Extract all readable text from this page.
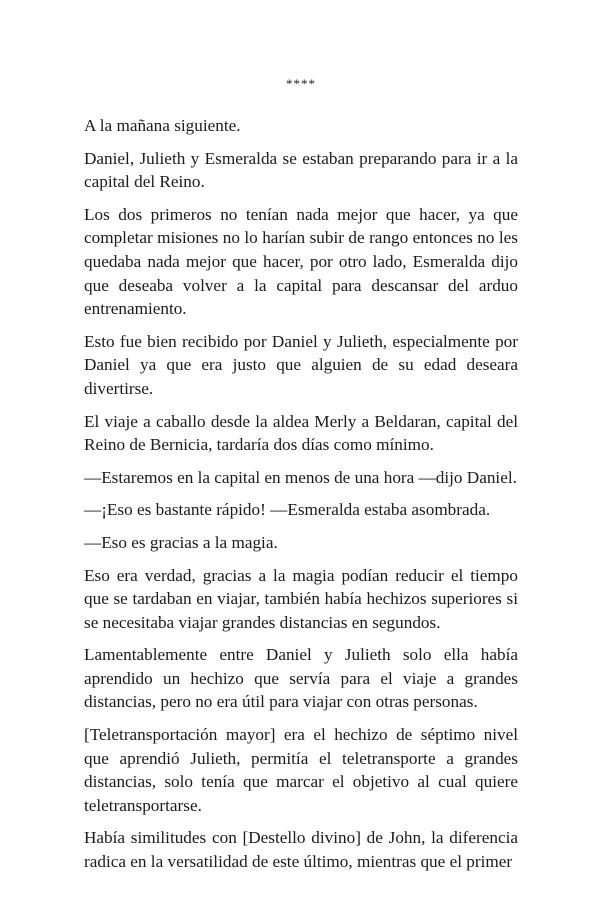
****

A la mañana siguiente.

Daniel, Julieth y Esmeralda se estaban preparando para ir a la capital del Reino.

Los dos primeros no tenían nada mejor que hacer, ya que completar misiones no lo harían subir de rango entonces no les quedaba nada mejor que hacer, por otro lado, Esmeralda dijo que deseaba volver a la capital para descansar del arduo entrenamiento.

Esto fue bien recibido por Daniel y Julieth, especialmente por Daniel ya que era justo que alguien de su edad deseara divertirse.

El viaje a caballo desde la aldea Merly a Beldaran, capital del Reino de Bernicia, tardaría dos días como mínimo.

—Estaremos en la capital en menos de una hora —dijo Daniel.

—¡Eso es bastante rápido! —Esmeralda estaba asombrada.

—Eso es gracias a la magia.

Eso era verdad, gracias a la magia podían reducir el tiempo que se tardaban en viajar, también había hechizos superiores si se necesitaba viajar grandes distancias en segundos.

Lamentablemente entre Daniel y Julieth solo ella había aprendido un hechizo que servía para el viaje a grandes distancias, pero no era útil para viajar con otras personas.

[Teletransportación mayor] era el hechizo de séptimo nivel que aprendió Julieth, permitía el teletransporte a grandes distancias, solo tenía que marcar el objetivo al cual quiere teletransportarse.

Había similitudes con [Destello divino] de John, la diferencia radica en la versatilidad de este último, mientras que el primer
